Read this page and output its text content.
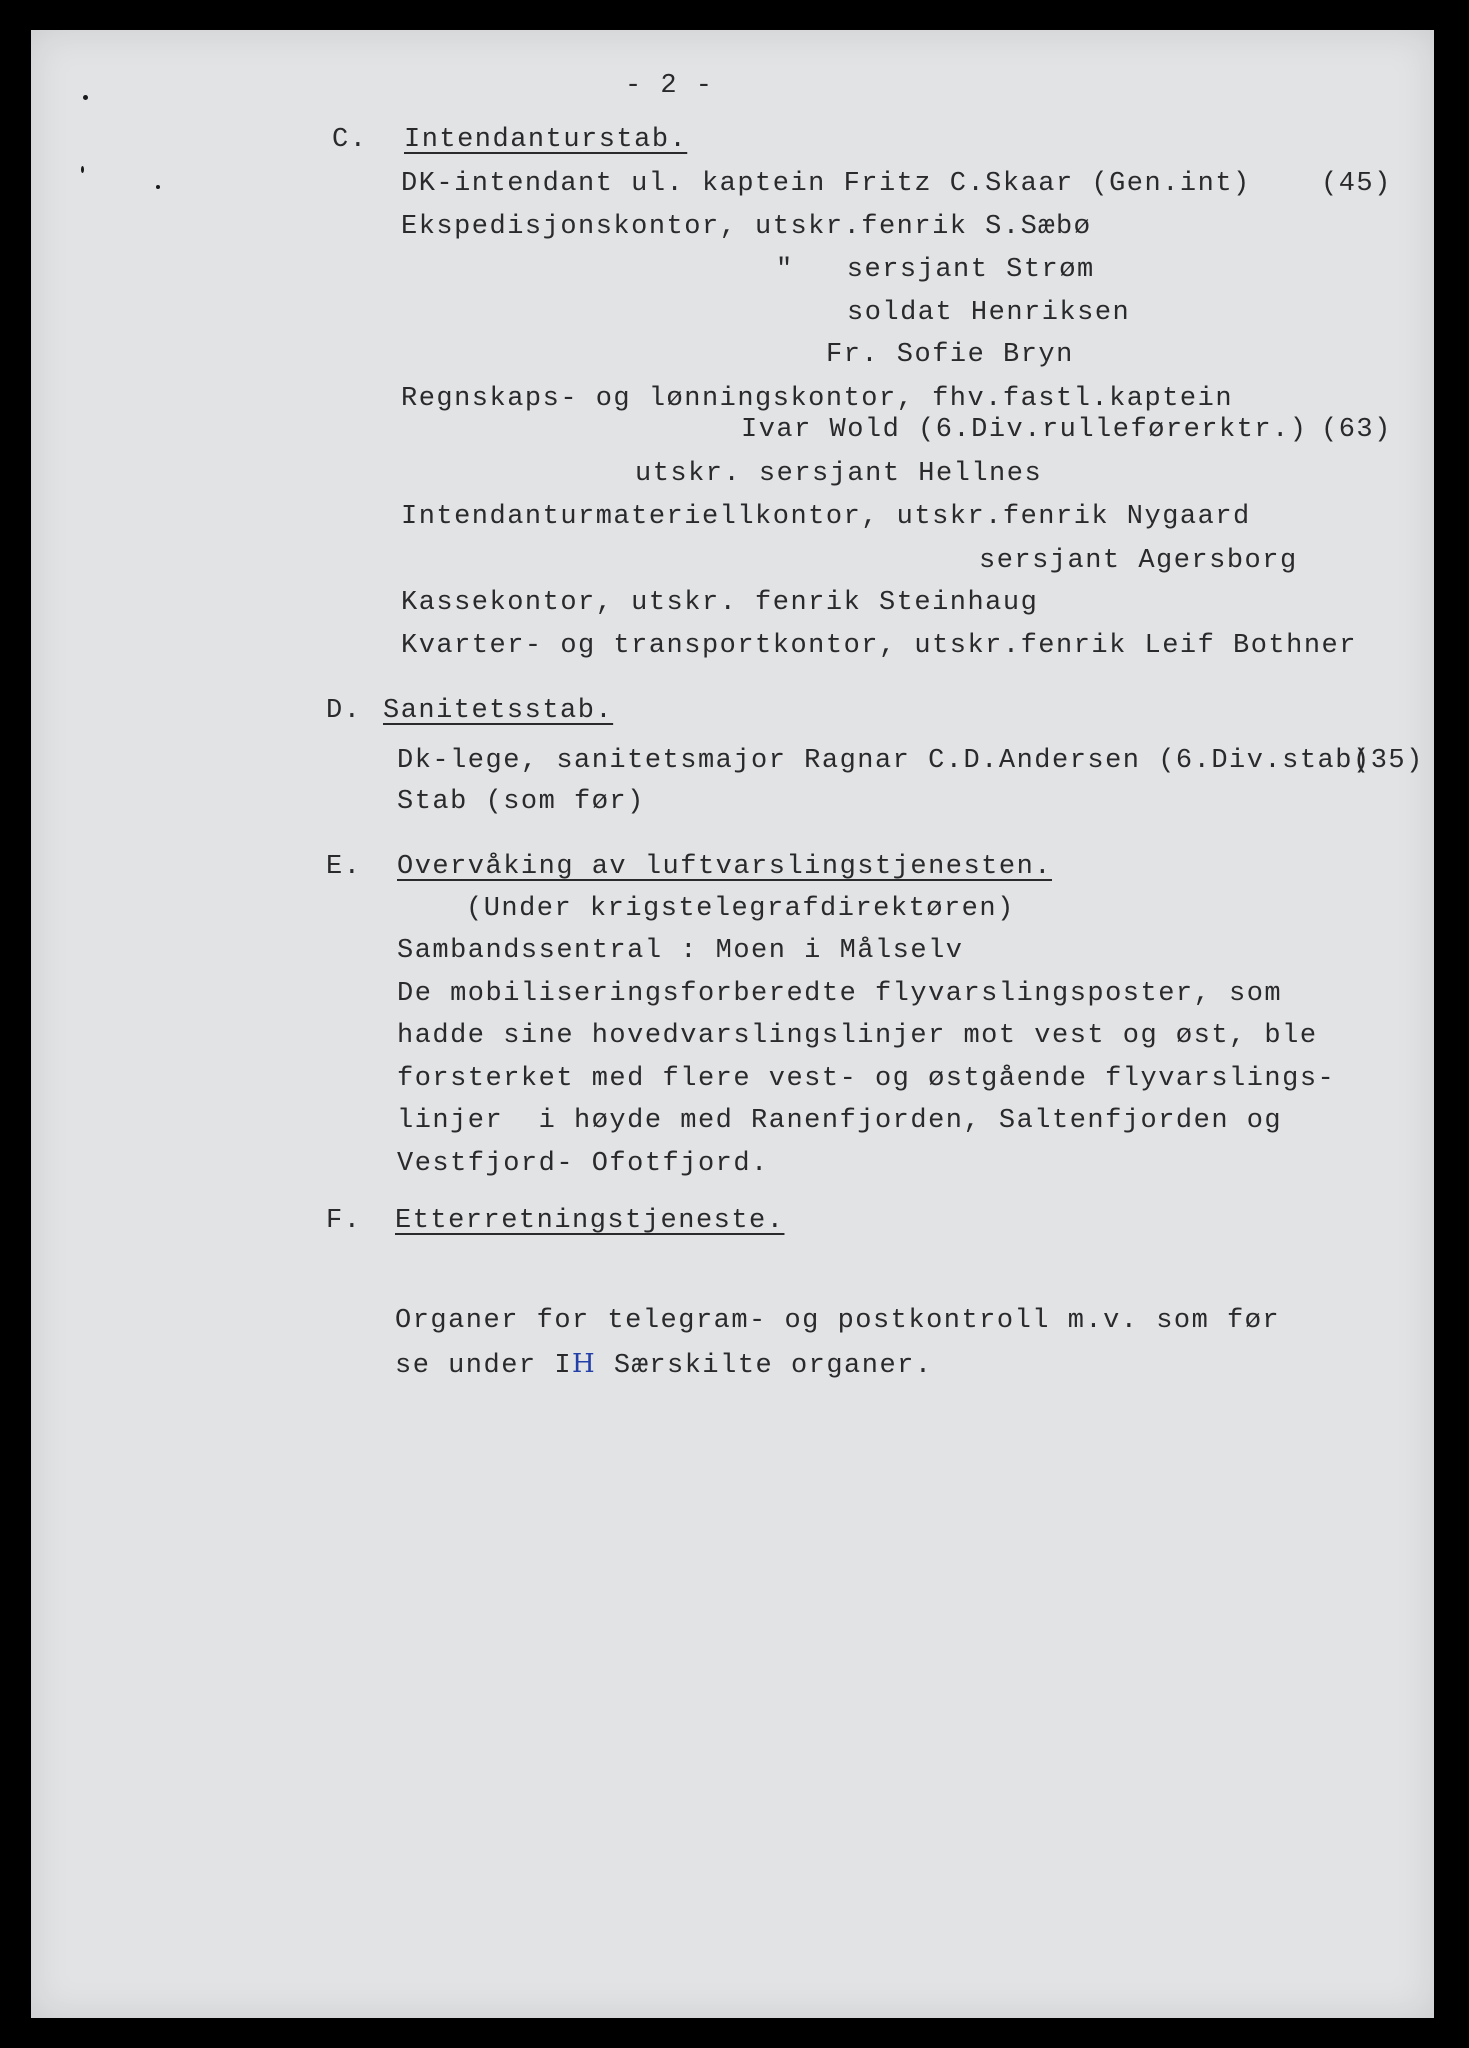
- 2 -
C. Intendanturstab.
DK-intendant ul. kaptein Fritz C.Skaar (Gen.int)	(45)
Ekspedisjonskontor, utskr.fenrik S.Sæbø
"   sersjant Strøm
soldat Henriksen
Fr. Sofie Bryn
Regnskaps- og lønningskontor, fhv.fastl.kaptein
Ivar Wold (6.Div.rulleførerktr.) (63)
utskr. sersjant Hellnes
Intendanturmateriellkontor, utskr.fenrik Nygaard
sersjant Agersborg
Kassekontor, utskr. fenrik Steinhaug
Kvarter- og transportkontor, utskr.fenrik Leif Bothner
D. Sanitetsstab.
Dk-lege, sanitetsmajor Ragnar C.D.Andersen (6.Div.stab)
(35)
Stab (som før)
E. Overvåking av luftvarslingstjenesten.
(Under krigstelegrafdirektøren)
Sambandssentral : Moen i Målselv
De mobiliseringsforberedte flyvarslingsposter, som
hadde sine hovedvarslingslinjer mot vest og øst, ble
forsterket med flere vest- og østgående flyvarslings-
linjer  i høyde med Ranenfjorden, Saltenfjorden og
Vestfjord- Ofotfjord.
F. Etterretningstjeneste.
Organer for telegram- og postkontroll m.v. som før
se under IH Særskilte organer.
